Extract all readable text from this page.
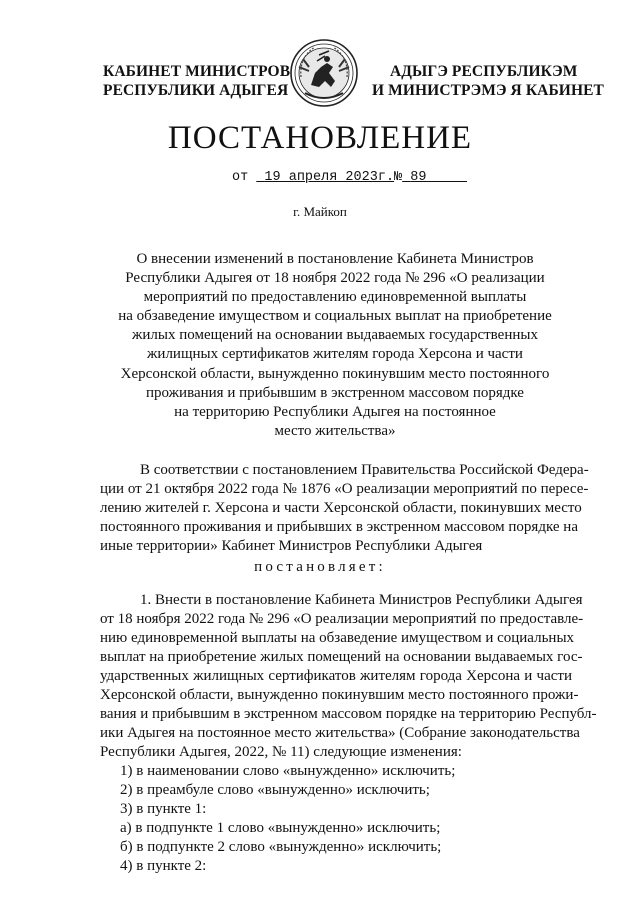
КАБИНЕТ МИНИСТРОВ
РЕСПУБЛИКИ АДЫГЕЯ
АДЫГЭ РЕСПУБЛИКЭМ
И МИНИСТРЭМЭ Я КАБИНЕТ
ПОСТАНОВЛЕНИЕ
от 19 апреля 2023г.№ 89
г. Майкоп
О внесении изменений в постановление Кабинета Министров
Республики Адыгея от 18 ноября 2022 года № 296 «О реализации
мероприятий по предоставлению единовременной выплаты
на обзаведение имуществом и социальных выплат на приобретение
жилых помещений на основании выдаваемых государственных
жилищных сертификатов жителям города Херсона и части
Херсонской области, вынужденно покинувшим место постоянного
проживания и прибывшим в экстренном массовом порядке
на территорию Республики Адыгея на постоянное
место жительства»
В соответствии с постановлением Правительства Российской Федера-
ции от 21 октября 2022 года № 1876 «О реализации мероприятий по пересе-
лению жителей г. Херсона и части Херсонской области, покинувших место
постоянного проживания и прибывших в экстренном массовом порядке на
иные территории» Кабинет Министров Республики Адыгея
постановляет:
1. Внести в постановление Кабинета Министров Республики Адыгея
от 18 ноября 2022 года № 296 «О реализации мероприятий по предоставле-
нию единовременной выплаты на обзаведение имуществом и социальных
выплат на приобретение жилых помещений на основании выдаваемых гос-
ударственных жилищных сертификатов жителям города Херсона и части
Херсонской области, вынужденно покинувшим место постоянного прожи-
вания и прибывшим в экстренном массовом порядке на территорию Республ-
ики Адыгея на постоянное место жительства» (Собрание законодательства
Республики Адыгея, 2022, № 11) следующие изменения:
1) в наименовании слово «вынужденно» исключить;
2) в преамбуле слово «вынужденно» исключить;
3) в пункте 1:
а) в подпункте 1 слово «вынужденно» исключить;
б) в подпункте 2 слово «вынужденно» исключить;
4) в пункте 2:
